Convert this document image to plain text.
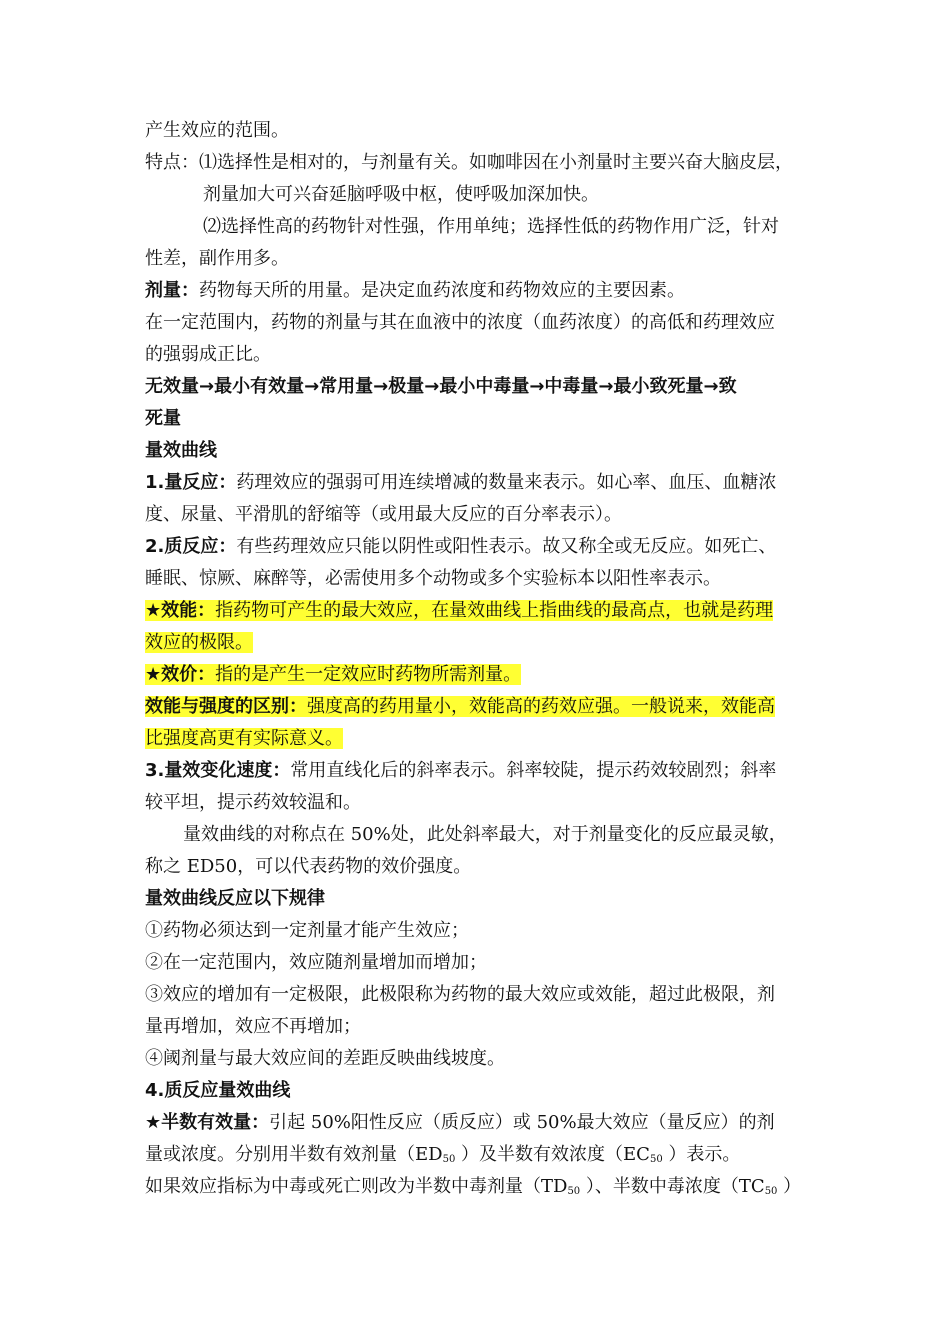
产生效应的范围。
特点：⑴选择性是相对的，与剂量有关。如咖啡因在小剂量时主要兴奋大脑皮层，
剂量加大可兴奋延脑呼吸中枢，使呼吸加深加快。
⑵选择性高的药物针对性强，作用单纯；选择性低的药物作用广泛，针对
性差，副作用多。
剂量：药物每天所的用量。是决定血药浓度和药物效应的主要因素。
在一定范围内，药物的剂量与其在血液中的浓度（血药浓度）的高低和药理效应
的强弱成正比。
无效量→最小有效量→常用量→极量→最小中毒量→中毒量→最小致死量→致
死量
量效曲线
1.量反应：药理效应的强弱可用连续增减的数量来表示。如心率、血压、血糖浓
度、尿量、平滑肌的舒缩等（或用最大反应的百分率表示）。
2.质反应：有些药理效应只能以阴性或阳性表示。故又称全或无反应。如死亡、
睡眠、惊厥、麻醉等，必需使用多个动物或多个实验标本以阳性率表示。
★效能：指药物可产生的最大效应，在量效曲线上指曲线的最高点，也就是药理
效应的极限。
★效价：指的是产生一定效应时药物所需剂量。
效能与强度的区别：强度高的药用量小，效能高的药效应强。一般说来，效能高
比强度高更有实际意义。
3.量效变化速度：常用直线化后的斜率表示。斜率较陡，提示药效较剧烈；斜率
较平坦，提示药效较温和。
量效曲线的对称点在 50%处，此处斜率最大，对于剂量变化的反应最灵敏，
称之 ED50，可以代表药物的效价强度。
量效曲线反应以下规律
①药物必须达到一定剂量才能产生效应；
②在一定范围内，效应随剂量增加而增加；
③效应的增加有一定极限，此极限称为药物的最大效应或效能，超过此极限，剂
量再增加，效应不再增加；
④阈剂量与最大效应间的差距反映曲线坡度。
4.质反应量效曲线
★半数有效量：引起 50%阳性反应（质反应）或 50%最大效应（量反应）的剂
量或浓度。分别用半数有效剂量（$ED_{50}$ ）及半数有效浓度（$EC_{50}$ ）表示。
如果效应指标为中毒或死亡则改为半数中毒剂量（$TD_{50}$ ）、半数中毒浓度（$TC_{50}$ ）
